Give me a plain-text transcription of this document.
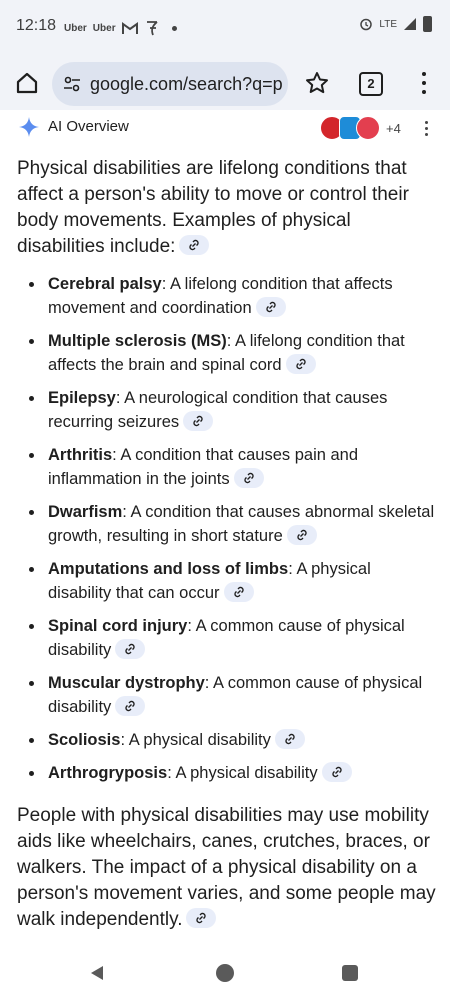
12:18 Uber Uber	LTE
google.com/search?q=p	2
AI Overview	+4

Physical disabilities are lifelong conditions that affect a person's ability to move or control their body movements. Examples of physical disabilities include:

Cerebral palsy: A lifelong condition that affects movement and coordination
Multiple sclerosis (MS): A lifelong condition that affects the brain and spinal cord
Epilepsy: A neurological condition that causes recurring seizures
Arthritis: A condition that causes pain and inflammation in the joints
Dwarfism: A condition that causes abnormal skeletal growth, resulting in short stature
Amputations and loss of limbs: A physical disability that can occur
Spinal cord injury: A common cause of physical disability
Muscular dystrophy: A common cause of physical disability
Scoliosis: A physical disability
Arthrogryposis: A physical disability

People with physical disabilities may use mobility aids like wheelchairs, canes, crutches, braces, or walkers. The impact of a physical disability on a person's movement varies, and some people may walk independently.
